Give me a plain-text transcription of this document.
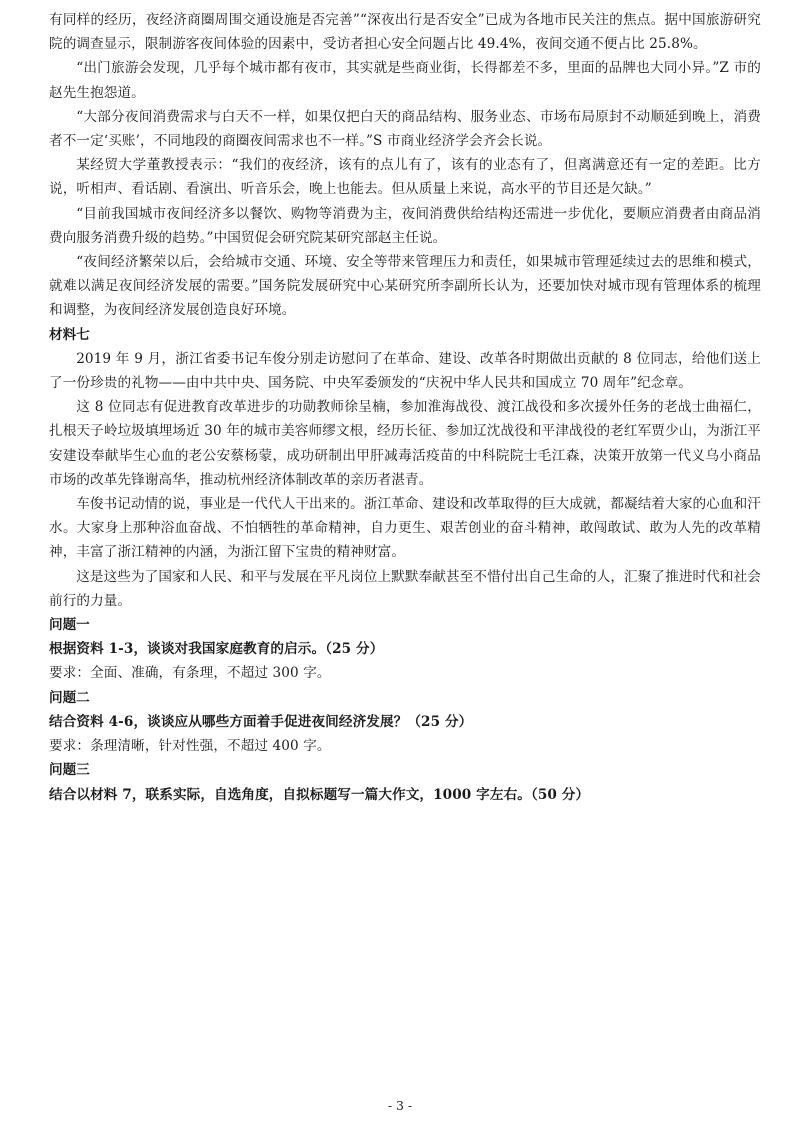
有同样的经历，夜经济商圈周围交通设施是否完善”“深夜出行是否安全”已成为各地市民关注的焦点。据中国旅游研究院的调查显示，限制游客夜间体验的因素中，受访者担心安全问题占比 49.4%，夜间交通不便占比 25.8%。

“出门旅游会发现，几乎每个城市都有夜市，其实就是些商业街，长得都差不多，里面的品牌也大同小异。”Z 市的赵先生抱怨道。

“大部分夜间消费需求与白天不一样，如果仅把白天的商品结构、服务业态、市场布局原封不动顺延到晚上，消费者不一定‘买账’，不同地段的商圈夜间需求也不一样。”S 市商业经济学会齐会长说。

某经贸大学董教授表示：“我们的夜经济，该有的点儿有了，该有的业态有了，但离满意还有一定的差距。比方说，听相声、看话剧、看演出、听音乐会，晚上也能去。但从质量上来说，高水平的节目还是欠缺。”

“目前我国城市夜间经济多以餐饮、购物等消费为主，夜间消费供给结构还需进一步优化，要顺应消费者由商品消费向服务消费升级的趋势。”中国贸促会研究院某研究部赵主任说。

“夜间经济繁荣以后，会给城市交通、环境、安全等带来管理压力和责任，如果城市管理延续过去的思维和模式，就难以满足夜间经济发展的需要。”国务院发展研究中心某研究所李副所长认为，还要加快对城市现有管理体系的梳理和调整，为夜间经济发展创造良好环境。

材料七

2019 年 9 月，浙江省委书记车俊分别走访慰问了在革命、建设、改革各时期做出贡献的 8 位同志，给他们送上了一份珍贵的礼物——由中共中央、国务院、中央军委颁发的“庆祝中华人民共和国成立 70 周年”纪念章。

这 8 位同志有促进教育改革进步的功勋教师徐呈楠，参加淮海战役、渡江战役和多次援外任务的老战士曲福仁，扎根天子岭垃圾填埋场近 30 年的城市美容师缪文根，经历长征、参加辽沈战役和平津战役的老红军贾少山，为浙江平安建设奉献毕生心血的老公安蔡杨蒙，成功研制出甲肝减毒活疫苗的中科院院士毛江森，决策开放第一代义乌小商品市场的改革先锋谢高华，推动杭州经济体制改革的亲历者湛青。

车俊书记动情的说，事业是一代代人干出来的。浙江革命、建设和改革取得的巨大成就，都凝结着大家的心血和汗水。大家身上那种浴血奋战、不怕牺牲的革命精神，自力更生、艰苦创业的奋斗精神，敢闯敢试、敢为人先的改革精神，丰富了浙江精神的内涵，为浙江留下宝贵的精神财富。

这是这些为了国家和人民、和平与发展在平凡岗位上默默奉献甚至不惜付出自己生命的人，汇聚了推进时代和社会前行的力量。

问题一

根据资料 1-3，谈谈对我国家庭教育的启示。（25 分）

要求：全面、准确，有条理，不超过 300 字。

问题二

结合资料 4-6，谈谈应从哪些方面着手促进夜间经济发展？（25 分）

要求：条理清晰，针对性强，不超过 400 字。

问题三

结合以材料 7，联系实际，自选角度，自拟标题写一篇大作文，1000 字左右。（50 分）

- 3 -
